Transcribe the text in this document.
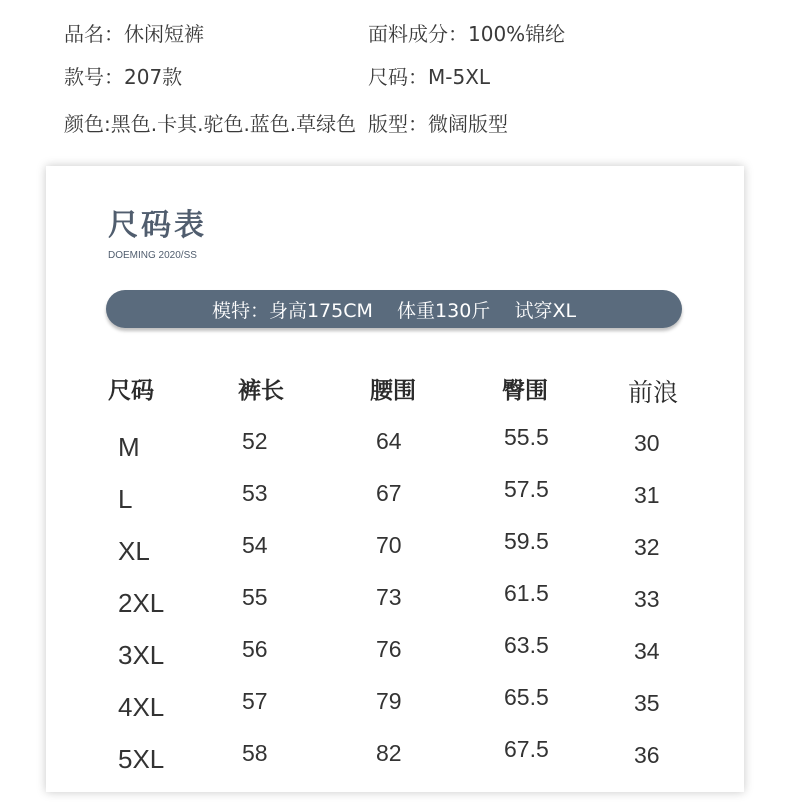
品名：休闲短裤	面料成分：100%锦纶
款号：207款	尺码：M-5XL
颜色:黑色.卡其.驼色.蓝色.草绿色 版型：微阔版型
尺码表
DOEMING 2020/SS
模特：身高175CM    体重130斤    试穿XL
尺码	裤长	腰围	臀围	前浪
M	52	64	55.5	30
L	53	67	57.5	31
XL	54	70	59.5	32
2XL	55	73	61.5	33
3XL	56	76	63.5	34
4XL	57	79	65.5	35
5XL	58	82	67.5	36
